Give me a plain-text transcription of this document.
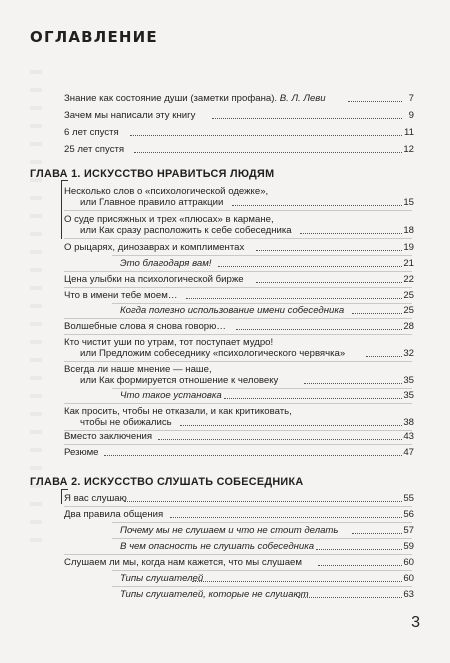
ОГЛАВЛЕНИЕ
Знание как состояние души (заметки профана). В. Л. Леви	7
Зачем мы написали эту книгу	9
6 лет спустя	11
25 лет спустя	12
ГЛАВА 1. ИСКУССТВО НРАВИТЬСЯ ЛЮДЯМ
Несколько слов о «психологической одежке»,
или Главное правило аттракции	15
О суде присяжных и трех «плюсах» в кармане,
или Как сразу расположить к себе собеседника	18
О рыцарях, динозаврах и комплиментах	19
Это благодаря вам!	21
Цена улыбки на психологической бирже	22
Что в имени тебе моем…	25
Когда полезно использование имени собеседника	25
Волшебные слова я снова говорю…	28
Кто чистит уши по утрам, тот поступает мудро!
или Предложим собеседнику «психологического червячка»	32
Всегда ли наше мнение — наше,
или Как формируется отношение к человеку	35
Что такое установка	35
Как просить, чтобы не отказали, и как критиковать,
чтобы не обижались	38
Вместо заключения	43
Резюме	47
ГЛАВА 2. ИСКУССТВО СЛУШАТЬ СОБЕСЕДНИКА
Я вас слушаю	55
Два правила общения	56
Почему мы не слушаем и что не стоит делать	57
В чем опасность не слушать собеседника	59
Слушаем ли мы, когда нам кажется, что мы слушаем	60
Типы слушателей	60
Типы слушателей, которые не слушают	63
3
